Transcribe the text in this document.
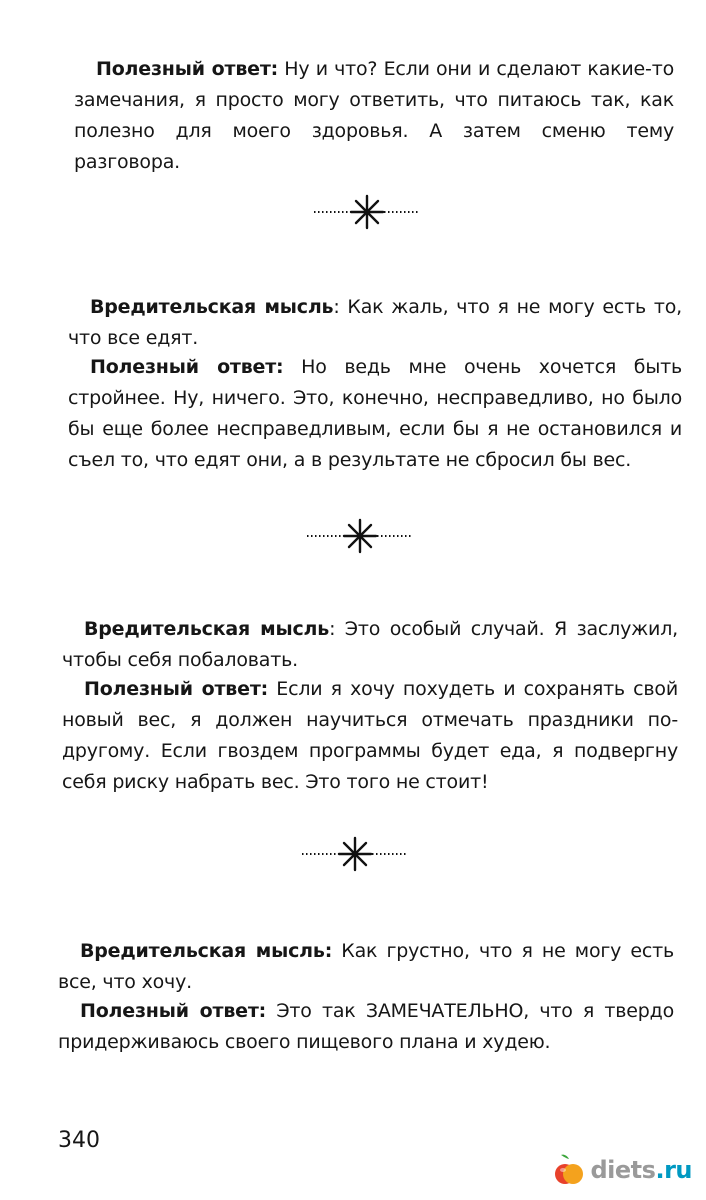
Полезный ответ: Ну и что? Если они и сделают какие-то замечания, я просто могу ответить, что питаюсь так, как полезно для моего здоровья. А затем сменю тему разговора.

Вредительская мысль: Как жаль, что я не могу есть то, что все едят.

Полезный ответ: Но ведь мне очень хочется быть стройнее. Ну, ничего. Это, конечно, несправедливо, но было бы еще более несправедливым, если бы я не остановился и съел то, что едят они, а в результате не сбросил бы вес.

Вредительская мысль: Это особый случай. Я заслужил, чтобы себя побаловать.

Полезный ответ: Если я хочу похудеть и сохранять свой новый вес, я должен научиться отмечать праздники по-другому. Если гвоздем программы будет еда, я подвергну себя риску набрать вес. Это того не стоит!

Вредительская мысль: Как грустно, что я не могу есть все, что хочу.

Полезный ответ: Это так ЗАМЕЧАТЕЛЬНО, что я твердо придерживаюсь своего пищевого плана и худею.

340
diets.ru
